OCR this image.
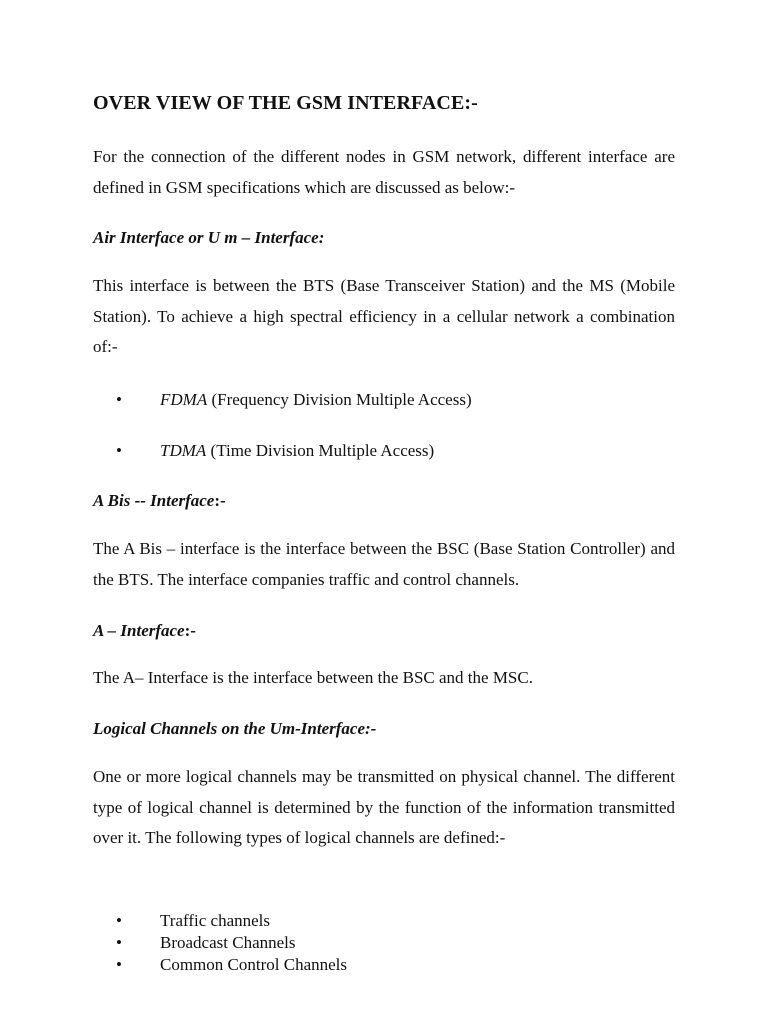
OVER VIEW OF THE GSM INTERFACE:-

For the connection of the different nodes in GSM network, different interface are defined in GSM specifications which are discussed as below:-

Air Interface or U m – Interface:

This interface is between the BTS (Base Transceiver Station) and the MS (Mobile Station). To achieve a high spectral efficiency in a cellular network a combination of:-

• FDMA (Frequency Division Multiple Access)
• TDMA (Time Division Multiple Access)
A Bis -- Interface:-

The A Bis – interface is the interface between the BSC (Base Station Controller) and the BTS. The interface companies traffic and control channels.

A – Interface:-

The A– Interface is the interface between the BSC and the MSC.

Logical Channels on the Um-Interface:-

One or more logical channels may be transmitted on physical channel. The different type of logical channel is determined by the function of the information transmitted over it. The following types of logical channels are defined:-

• Traffic channels
• Broadcast Channels
• Common Control Channels
